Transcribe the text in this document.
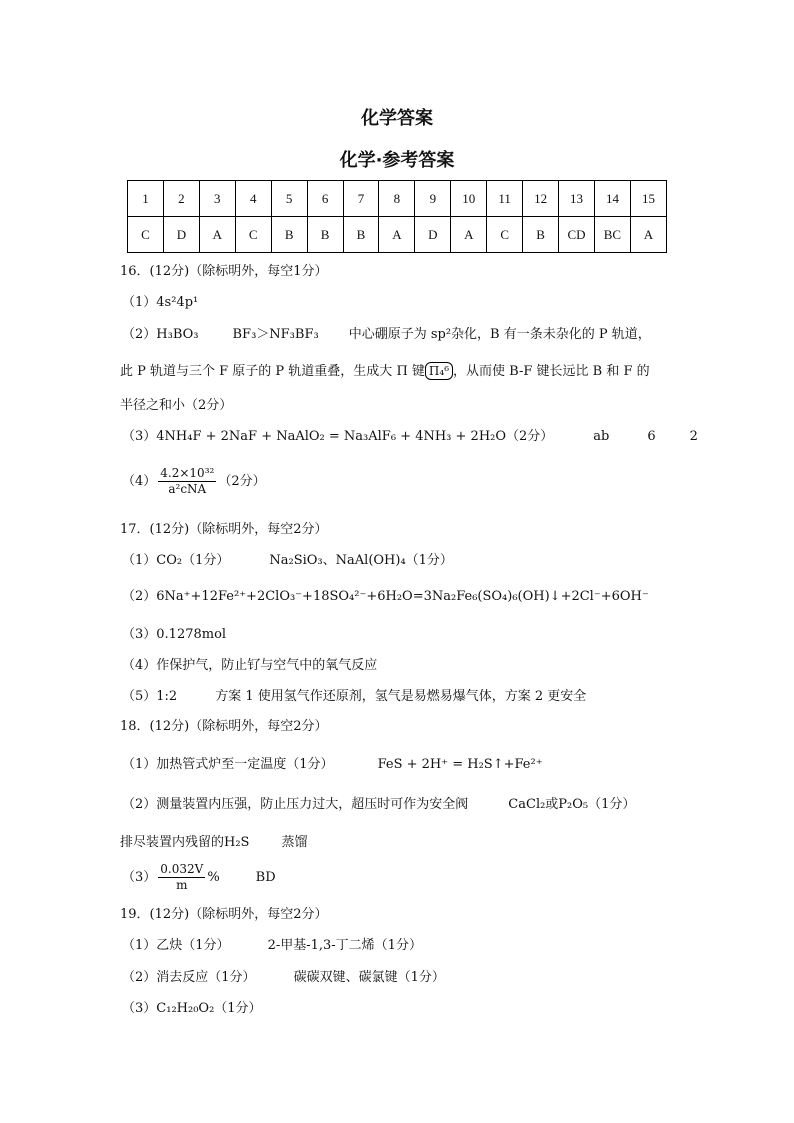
化学答案
化学·参考答案
1	2	3	4	5	6	7	8	9	10	11	12	13	14	15
C	D	A	C	B	B	B	A	D	A	C	B	CD	BC	A
16．(12分)（除标明外，每空1分）
（1）4s²4p¹
（2）H₃BO₃	BF₃＞NF₃BF₃ 中心硼原子为 sp²杂化，B 有一条未杂化的 P 轨道，
此 P 轨道与三个 F 原子的 P 轨道重叠，生成大 Π 键 Π₄⁶ ，从而使 B-F 键长远比 B 和 F 的
半径之和小（2分）
（3）4NH₄F + 2NaF + NaAlO₂ = Na₃AlF₆ + 4NH₃ + 2H₂O（2分）	ab	6	2
$(4) \frac{\text{4.2×10³²}}{\text{a²cNA}} (2$分）
17．(12分)（除标明外，每空2分）
（1）CO₂（1分）	Na₂SiO₃、NaAl(OH)₄（1分）
（2）6Na⁺+12Fe²⁺+2ClO₃⁻+18SO₄²⁻+6H₂O=3Na₂Fe₆(SO₄)₆(OH)↓+2Cl⁻+6OH⁻
（3）0.1278mol
（4）作保护气，防止钌与空气中的氧气反应
（5）1:2	方案 1 使用氢气作还原剂，氢气是易燃易爆气体，方案 2 更安全
18．(12分)（除标明外，每空2分）
（1）加热管式炉至一定温度（1分）	FeS + 2H⁺ = H₂S↑+Fe²⁺
（2）测量装置内压强，防止压力过大，超压时可作为安全阀	CaCl₂或P₂O₅（1分）
排尽装置内残留的H₂S 蒸馏
$(3) \frac{0.032V}{m}$ %	BD
19．(12分)（除标明外，每空2分）
（1）乙炔（1分）	2-甲基-1,3-丁二烯（1分）
（2）消去反应（1分）	碳碳双键、碳氯键（1分）
（3）C₁₂H₂₀O₂（1分）
